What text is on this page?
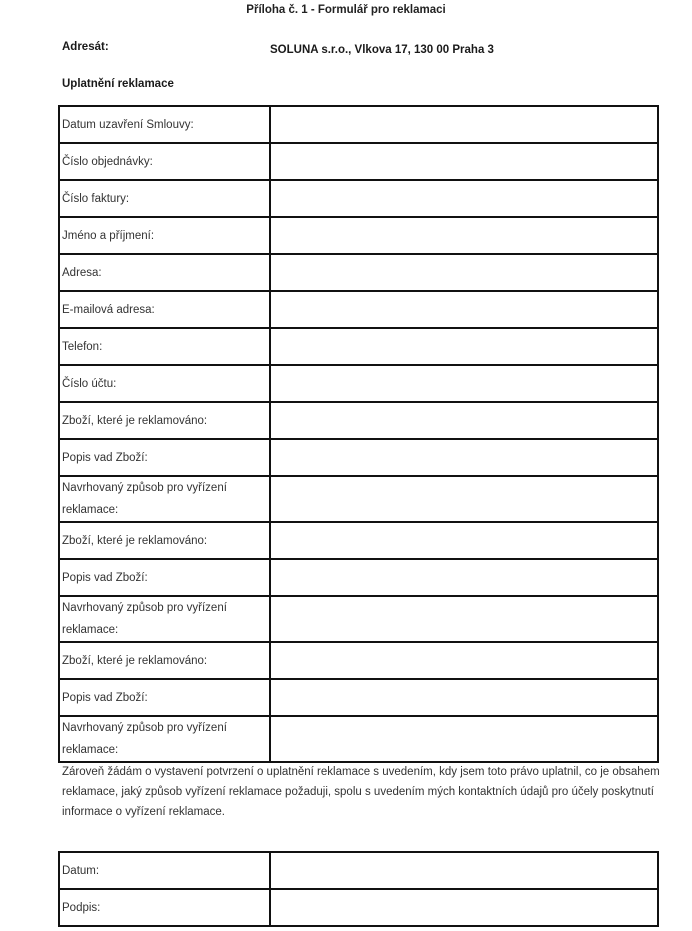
Příloha č. 1 - Formulář pro reklamaci
Adresát:	SOLUNA s.r.o., Vlkova 17, 130 00 Praha 3
Uplatnění reklamace
Datum uzavření Smlouvy:	
Číslo objednávky:	
Číslo faktury:	
Jméno a příjmení:	
Adresa:	
E-mailová adresa:	
Telefon:	
Číslo účtu:	
Zboží, které je reklamováno:	
Popis vad Zboží:	
Navrhovaný způsob pro vyřízení reklamace:	
Zboží, které je reklamováno:	
Popis vad Zboží:	
Navrhovaný způsob pro vyřízení reklamace:	
Zboží, které je reklamováno:	
Popis vad Zboží:	
Navrhovaný způsob pro vyřízení reklamace:	
Zároveň žádám o vystavení potvrzení o uplatnění reklamace s uvedením, kdy jsem toto právo uplatnil, co je obsahem reklamace, jaký způsob vyřízení reklamace požaduji, spolu s uvedením mých kontaktních údajů pro účely poskytnutí informace o vyřízení reklamace.
Datum:	
Podpis:	
